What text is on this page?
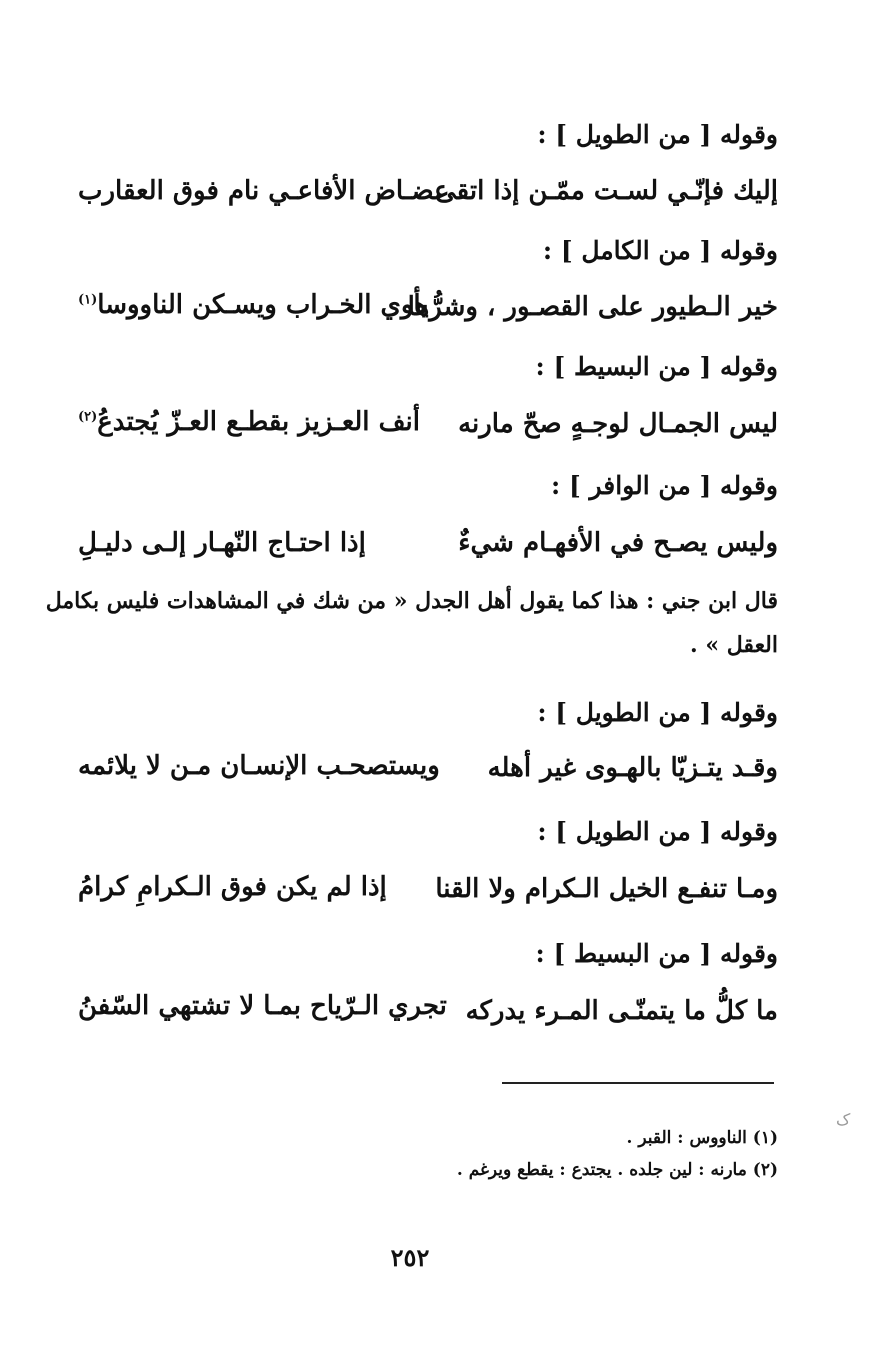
وقوله [ من الطويل ] :
إليك فإنّـي لسـت ممّـن إذا اتقى
عضـاض الأفاعـي نام فوق العقارب
وقوله [ من الكامل ] :
خير الـطيور على القصـور ، وشرُّها
يأوي الخـراب ويسـكن الناووسا$^{(١)}$
وقوله [ من البسيط ] :
ليس الجمـال لوجـهٍ صحّ مارنه
أنف العـزيز بقطـع العـزّ يُجتدعُ$^{(٢)}$
وقوله [ من الوافر ] :
وليس يصـح في الأفهـام شيءٌ
إذا احتـاج النّهـار إلـى دليـلِ
قال ابن جني : هذا كما يقول أهل الجدل « من شك في المشاهدات فليس بكامل
العقل » .
وقوله [ من الطويل ] :
وقـد يتـزيّا بالهـوى غير أهله
ويستصحـب الإنسـان مـن لا يلائمه
وقوله [ من الطويل ] :
ومـا تنفـع الخيل الـكرام ولا القنا
إذا لم يكن فوق الـكرامِ كرامُ
وقوله [ من البسيط ] :
ما كلُّ ما يتمنّـى المـرء يدركه
تجري الـرّياح بمـا لا تشتهي السّفنُ
(١) الناووس : القبر .
(٢) مارنه : لين جلده . يجتدع : يقطع ويرغم .
٢٥٢
ک
